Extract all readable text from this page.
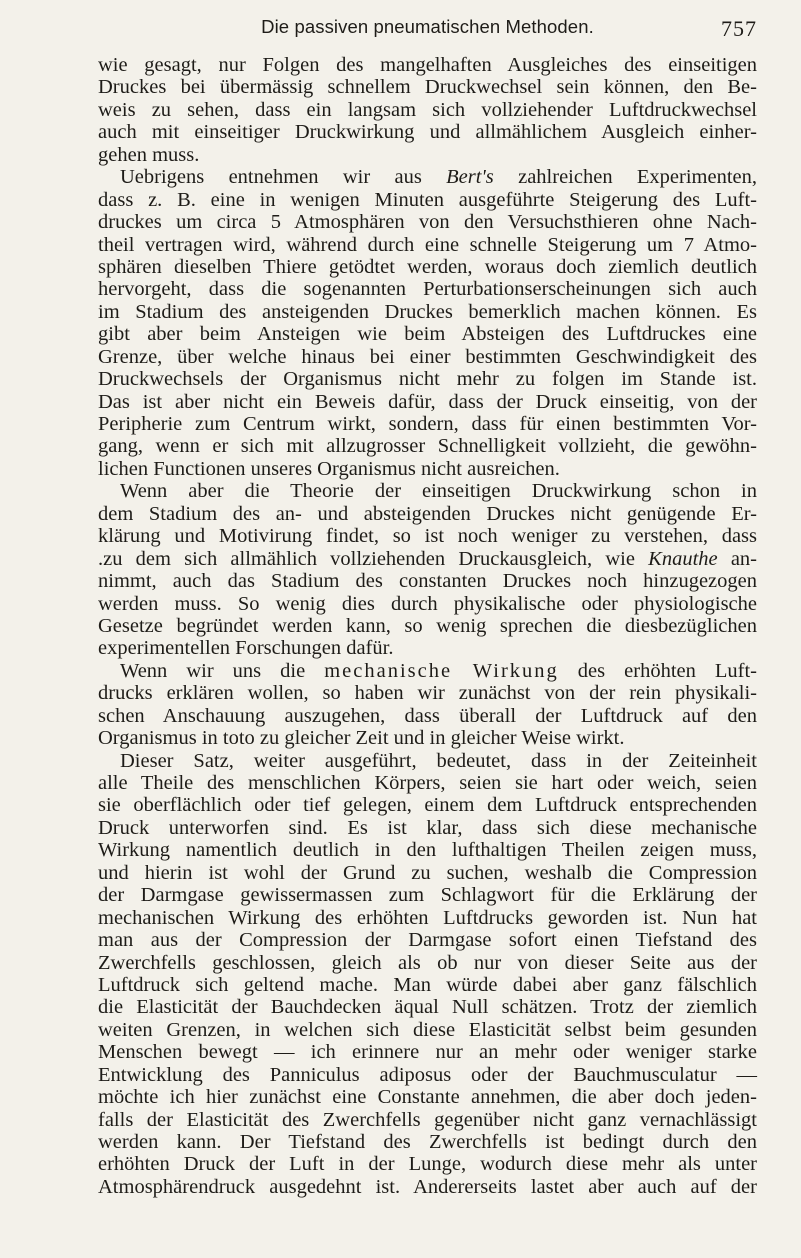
Die passiven pneumatischen Methoden.	757
wie gesagt, nur Folgen des mangelhaften Ausgleiches des einseitigen
Druckes bei übermässig schnellem Druckwechsel sein können, den Be-
weis zu sehen, dass ein langsam sich vollziehender Luftdruckwechsel
auch mit einseitiger Druckwirkung und allmählichem Ausgleich einher-
gehen muss.
Uebrigens entnehmen wir aus Bert's zahlreichen Experimenten,
dass z. B. eine in wenigen Minuten ausgeführte Steigerung des Luft-
druckes um circa 5 Atmosphären von den Versuchsthieren ohne Nach-
theil vertragen wird, während durch eine schnelle Steigerung um 7 Atmo-
sphären dieselben Thiere getödtet werden, woraus doch ziemlich deutlich
hervorgeht, dass die sogenannten Perturbationserscheinungen sich auch
im Stadium des ansteigenden Druckes bemerklich machen können. Es
gibt aber beim Ansteigen wie beim Absteigen des Luftdruckes eine
Grenze, über welche hinaus bei einer bestimmten Geschwindigkeit des
Druckwechsels der Organismus nicht mehr zu folgen im Stande ist.
Das ist aber nicht ein Beweis dafür, dass der Druck einseitig, von der
Peripherie zum Centrum wirkt, sondern, dass für einen bestimmten Vor-
gang, wenn er sich mit allzugrosser Schnelligkeit vollzieht, die gewöhn-
lichen Functionen unseres Organismus nicht ausreichen.
Wenn aber die Theorie der einseitigen Druckwirkung schon in
dem Stadium des an- und absteigenden Druckes nicht genügende Er-
klärung und Motivirung findet, so ist noch weniger zu verstehen, dass
.zu dem sich allmählich vollziehenden Druckausgleich, wie Knauthe an-
nimmt, auch das Stadium des constanten Druckes noch hinzugezogen
werden muss. So wenig dies durch physikalische oder physiologische
Gesetze begründet werden kann, so wenig sprechen die diesbezüglichen
experimentellen Forschungen dafür.
Wenn wir uns die mechanische Wirkung des erhöhten Luft-
drucks erklären wollen, so haben wir zunächst von der rein physikali-
schen Anschauung auszugehen, dass überall der Luftdruck auf den
Organismus in toto zu gleicher Zeit und in gleicher Weise wirkt.
Dieser Satz, weiter ausgeführt, bedeutet, dass in der Zeiteinheit
alle Theile des menschlichen Körpers, seien sie hart oder weich, seien
sie oberflächlich oder tief gelegen, einem dem Luftdruck entsprechenden
Druck unterworfen sind. Es ist klar, dass sich diese mechanische
Wirkung namentlich deutlich in den lufthaltigen Theilen zeigen muss,
und hierin ist wohl der Grund zu suchen, weshalb die Compression
der Darmgase gewissermassen zum Schlagwort für die Erklärung der
mechanischen Wirkung des erhöhten Luftdrucks geworden ist. Nun hat
man aus der Compression der Darmgase sofort einen Tiefstand des
Zwerchfells geschlossen, gleich als ob nur von dieser Seite aus der
Luftdruck sich geltend mache. Man würde dabei aber ganz fälschlich
die Elasticität der Bauchdecken äqual Null schätzen. Trotz der ziemlich
weiten Grenzen, in welchen sich diese Elasticität selbst beim gesunden
Menschen bewegt — ich erinnere nur an mehr oder weniger starke
Entwicklung des Panniculus adiposus oder der Bauchmusculatur —
möchte ich hier zunächst eine Constante annehmen, die aber doch jeden-
falls der Elasticität des Zwerchfells gegenüber nicht ganz vernachlässigt
werden kann. Der Tiefstand des Zwerchfells ist bedingt durch den
erhöhten Druck der Luft in der Lunge, wodurch diese mehr als unter
Atmosphärendruck ausgedehnt ist. Andererseits lastet aber auch auf der
